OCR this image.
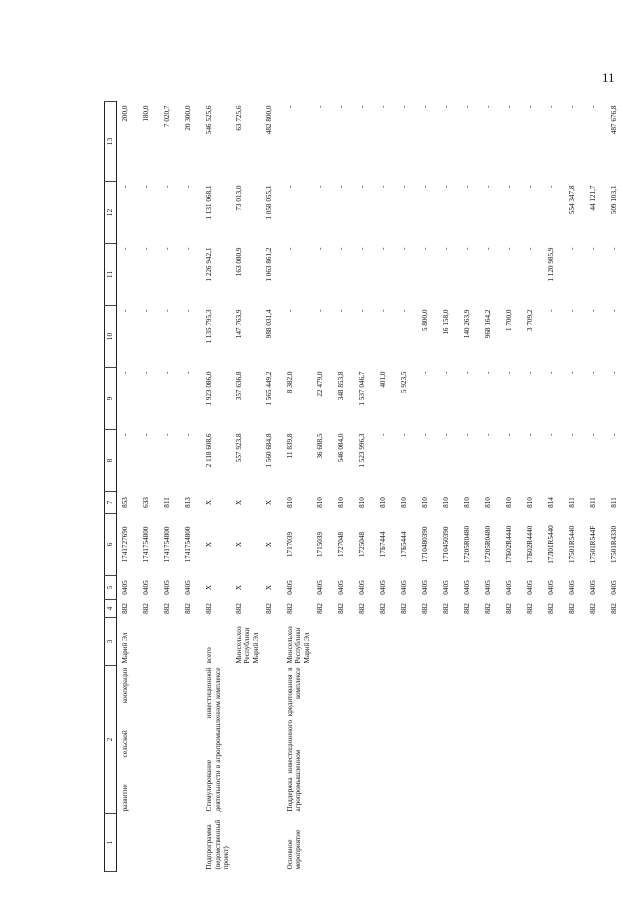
11
1	2	3	4	5	6	7	8	9	10	11	12	13
	развитие сельской кооперации	Марий Эл	882	0405	1741727690	853	-	-	-	-	-	200,0
			882	0405	1741754800	633	-	-	-	-	-	180,0
			882	0405	1741754800	811	-	-	-	-	-	7 020,7
			882	0405	1741754800	813	-	-	-	-	-	20 300,0
Подпрограмма (ведомственный проект)	Стимулирование инвестиционной деятельности в агропромышленном комплексе	всего	882	X	X	X	2 118 608,6	1 923 086,0	1 135 795,3	1 226 942,1	1 131 068,1	546 525,6
		Минсельхоз Республики Марий Эл	882	X	X	X	557 923,8	357 636,8	147 763,9	163 080,9	73 013,0	63 725,6
			882	X	X	X	1 560 684,8	1 565 449,2	988 031,4	1 063 861,2	1 058 055,1	482 800,0
Основное мероприятие	Поддержка инвестиционного кредитования в агропромышленном комплексе	Минсельхоз Республики Марий Эл	882	0405	1717039	810	11 839,8	8 382,0	-	-	-	-
			882	0405	1715039	810	36 688,5	22 479,0	-	-	-	-
			882	0405	1727048	810	546 084,0	348 853,8	-	-	-	-
			882	0405	1725048	810	1 523 996,3	1 537 046,7	-	-	-	-
			882	0405	17Б7444	810	-	401,0	-	-	-	-
			882	0405	17Б5444	810	-	5 923,5	-	-	-	-
			882	0405	1710480390	810	-	-	5 800,0	-	-	-
			882	0405	1710450390	810	-	-	16 158,0	-	-	-
			882	0405	17205R0480	810	-	-	140 263,9	-	-	-
			882	0405	17205R0480	810	-	-	968 164,2	-	-	-
			882	0405	17Б02R4440	810	-	-	1 700,0	-	-	-
			882	0405	17Б02R4440	810	-	-	3 709,2	-	-	-
			882	0405	17Л01R5440	814	-	-	-	1 120 985,9	-	-
			882	0405	17501R5440	811	-	-	-	-	554 347,8	-
			882	0405	17501R544F	811	-	-	-	-	44 121,7	-
			882	0405	17501R4330	811	-	-	-	-	509 103,1	487 676,8
